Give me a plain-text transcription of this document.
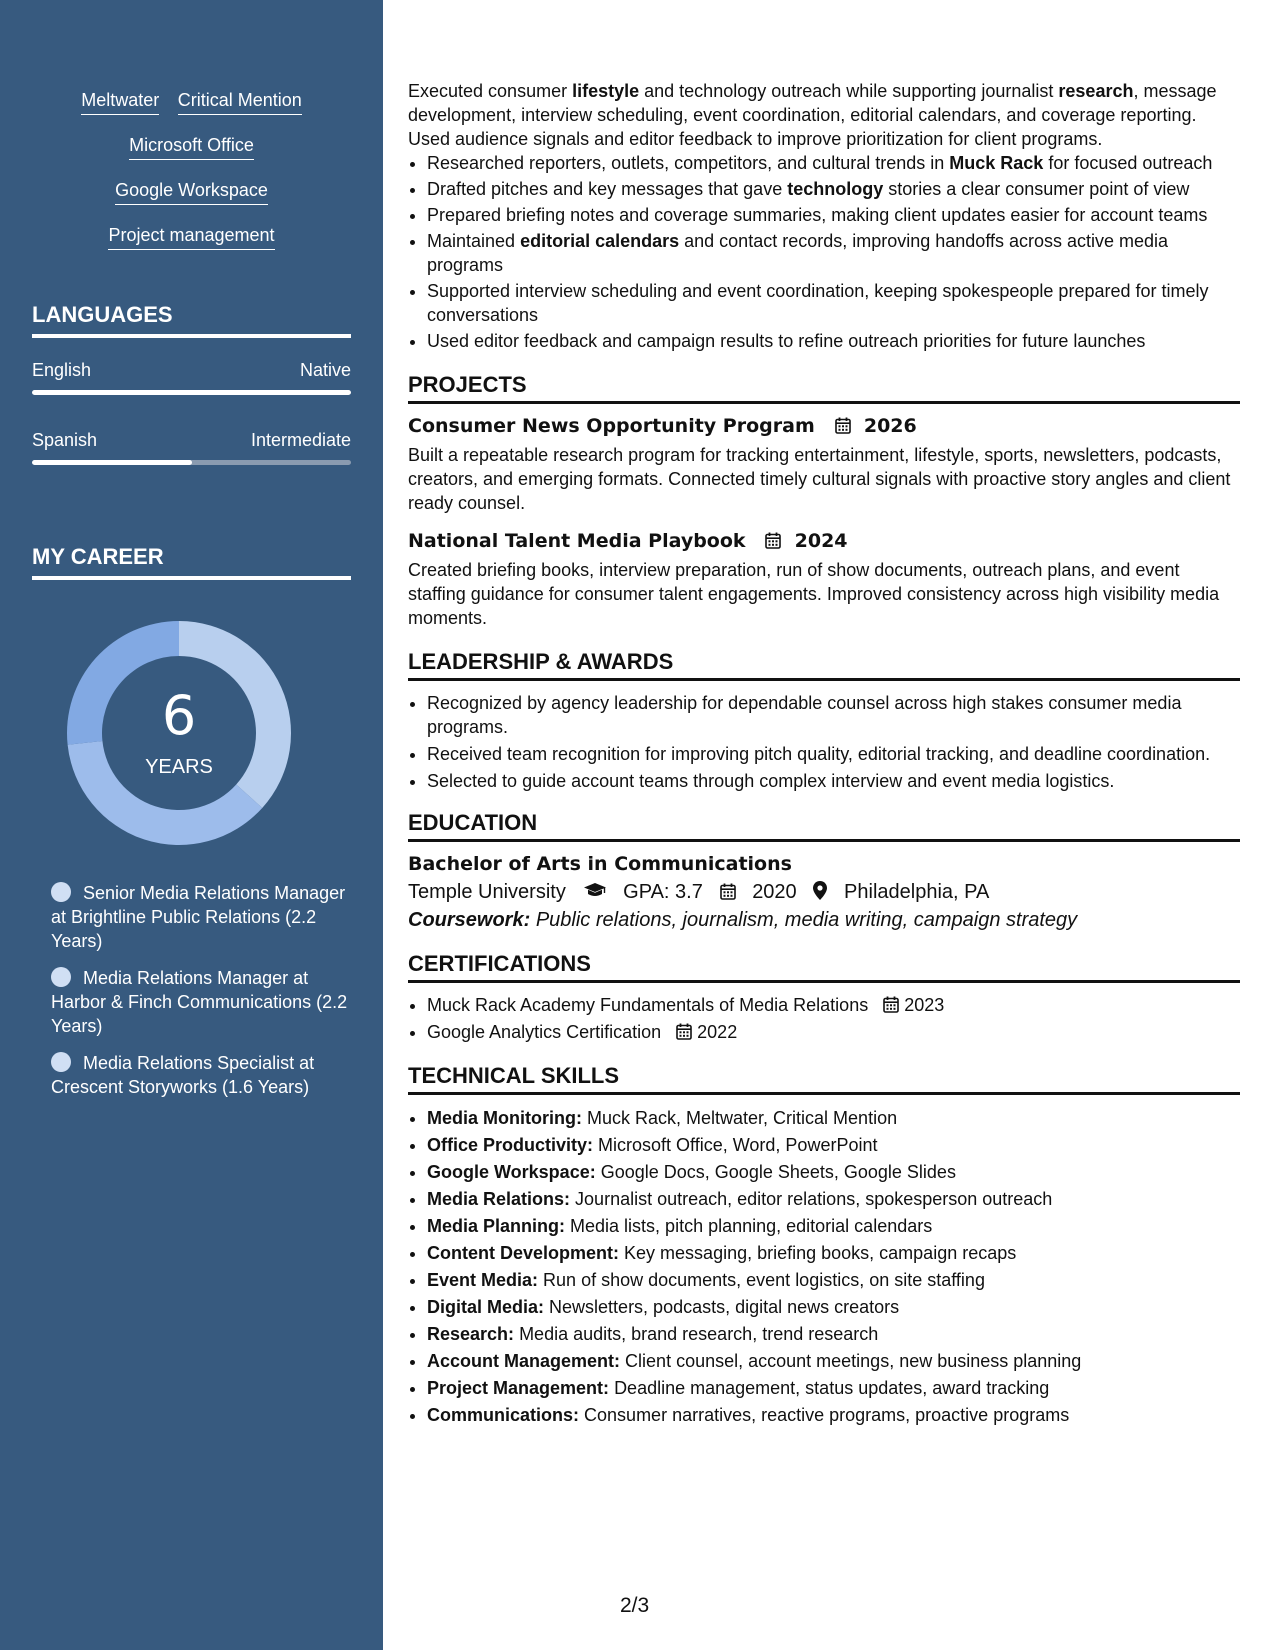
Meltwater Critical Mention
Microsoft Office
Google Workspace
Project management
LANGUAGES
English	Native
Spanish	Intermediate
MY CAREER
6
YEARS
Senior Media Relations Manager at Brightline Public Relations (2.2 Years)
Media Relations Manager at Harbor & Finch Communications (2.2 Years)
Media Relations Specialist at Crescent Storyworks (1.6 Years)

Executed consumer lifestyle and technology outreach while supporting journalist research, message development, interview scheduling, event coordination, editorial calendars, and coverage reporting. Used audience signals and editor feedback to improve prioritization for client programs.

• Researched reporters, outlets, competitors, and cultural trends in Muck Rack for focused outreach
• Drafted pitches and key messages that gave technology stories a clear consumer point of view
• Prepared briefing notes and coverage summaries, making client updates easier for account teams
• Maintained editorial calendars and contact records, improving handoffs across active media programs
• Supported interview scheduling and event coordination, keeping spokespeople prepared for timely conversations
• Used editor feedback and campaign results to refine outreach priorities for future launches
PROJECTS
Consumer News Opportunity Program	2026

Built a repeatable research program for tracking entertainment, lifestyle, sports, newsletters, podcasts, creators, and emerging formats. Connected timely cultural signals with proactive story angles and client ready counsel.

National Talent Media Playbook	2024

Created briefing books, interview preparation, run of show documents, outreach plans, and event staffing guidance for consumer talent engagements. Improved consistency across high visibility media moments.

LEADERSHIP & AWARDS
• Recognized by agency leadership for dependable counsel across high stakes consumer media programs.
• Received team recognition for improving pitch quality, editorial tracking, and deadline coordination.
• Selected to guide account teams through complex interview and event media logistics.
EDUCATION
Bachelor of Arts in Communications
Temple University	GPA: 3.7 2020 Philadelphia, PA
Coursework: Public relations, journalism, media writing, campaign strategy
CERTIFICATIONS
• Muck Rack Academy Fundamentals of Media Relations 2023
• Google Analytics Certification 2022
TECHNICAL SKILLS
• Media Monitoring: Muck Rack, Meltwater, Critical Mention
• Office Productivity: Microsoft Office, Word, PowerPoint
• Google Workspace: Google Docs, Google Sheets, Google Slides
• Media Relations: Journalist outreach, editor relations, spokesperson outreach
• Media Planning: Media lists, pitch planning, editorial calendars
• Content Development: Key messaging, briefing books, campaign recaps
• Event Media: Run of show documents, event logistics, on site staffing
• Digital Media: Newsletters, podcasts, digital news creators
• Research: Media audits, brand research, trend research
• Account Management: Client counsel, account meetings, new business planning
• Project Management: Deadline management, status updates, award tracking
• Communications: Consumer narratives, reactive programs, proactive programs
2/3
